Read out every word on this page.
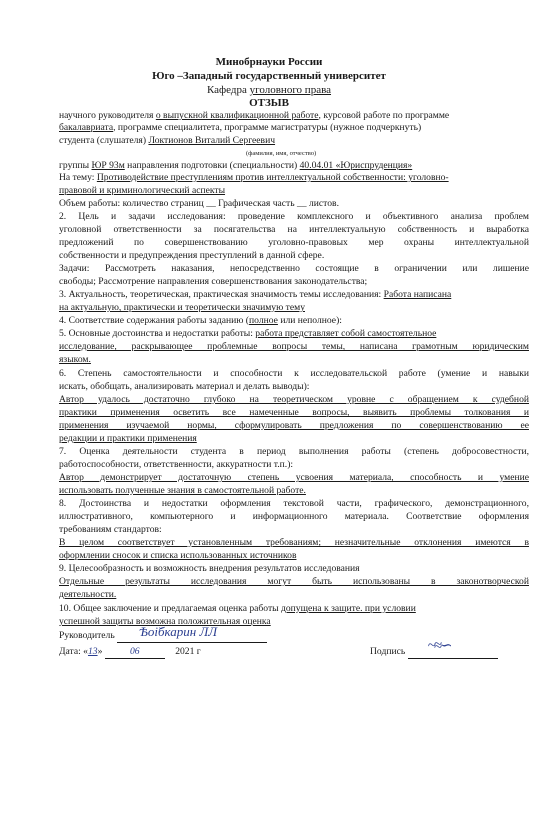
Минобрнауки России
Юго –Западный государственный университет
Кафедра уголовного права
ОТЗЫВ
научного руководителя о выпускной квалификационной работе, курсовой работе по программе
бакалавриата, программе специалитета, программе магистратуры (нужное подчеркнуть)
студента (слушателя) Локтионов Виталий Сергеевич
(фамилия, имя, отчество)
группы ЮР 93м направления подготовки (специальности) 40.04.01 «Юриспруденция»
На тему: Противодействие преступлениям против интеллектуальной собственности: уголовно-
правовой и криминологический аспекты
Объем работы: количество страниц __ Графическая часть __ листов.
2. Цель и задачи исследования: проведение комплексного и объективного анализа проблем
уголовной ответственности за посягательства на интеллектуальную собственность и выработка
предложений по совершенствованию уголовно-правовых мер охраны интеллектуальной
собственности и предупреждения преступлений в данной сфере.
Задачи: Рассмотреть наказания, непосредственно состоящие в ограничении или лишение
свободы; Рассмотрение направления совершенствования законодательства;
3. Актуальность, теоретическая, практическая значимость темы исследования: Работа написана
на актуальную, практически и теоретически значимую тему
4. Соответствие содержания работы заданию (полное или неполное):
5. Основные достоинства и недостатки работы: работа представляет собой самостоятельное
исследование, раскрывающее проблемные вопросы темы, написана грамотным юридическим
языком.
6. Степень самостоятельности и способности к исследовательской работе (умение и навыки
искать, обобщать, анализировать материал и делать выводы):
Автор удалось достаточно глубоко на теоретическом уровне с обращением к судебной
практики применения осветить все намеченные вопросы, выявить проблемы толкования и
применения изучаемой нормы, сформулировать предложения по совершенствованию ее
редакции и практики применения
7. Оценка деятельности студента в период выполнения работы (степень добросовестности,
работоспособности, ответственности, аккуратности т.п.):
Автор демонстрирует достаточную степень усвоения материала, способность и умение
использовать полученные знания в самостоятельной работе.
8. Достоинства и недостатки оформления текстовой части, графического, демонстрационного,
иллюстративного, компьютерного и информационного материала. Соответствие оформления
требованиям стандартов:
В целом соответствует установленным требованиям; незначительные отклонения имеются в
оформлении сносок и списка использованных источников
9. Целесообразность и возможность внедрения результатов исследования
Отдельные результаты исследования могут быть использованы в законотворческой
деятельности.
10. Общее заключение и предлагаемая оценка работы допущена к защите. при условии
успешной защиты возможна положительная оценка
Руководитель Ѣоі̆бкарин ЛЛ

Дата: «13»	06	2021 г	Подпись ~≈∽
